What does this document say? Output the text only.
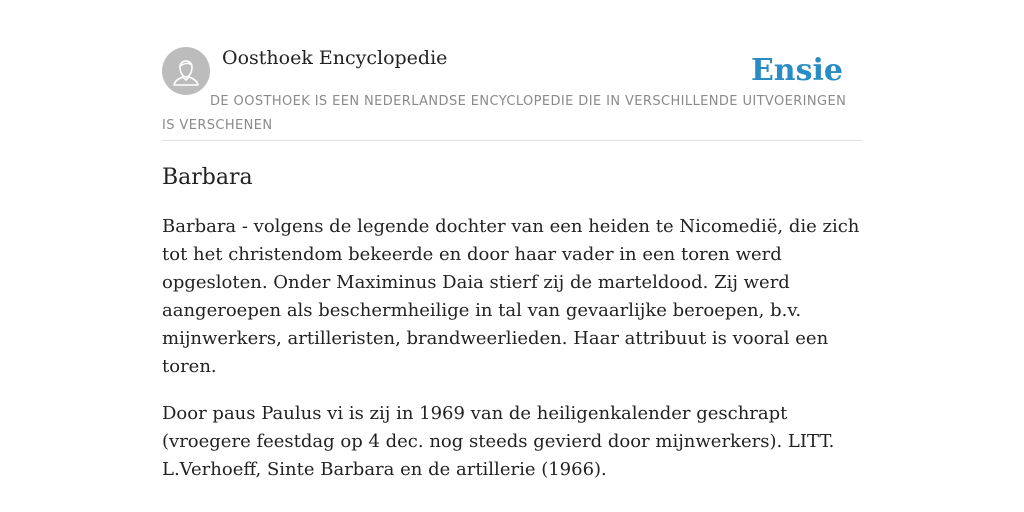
Oosthoek Encyclopedie	Ensie

DE OOSTHOEK IS EEN NEDERLANDSE ENCYCLOPEDIE DIE IN VERSCHILLENDE UITVOERINGEN IS VERSCHENEN

Barbara

Barbara - volgens de legende dochter van een heiden te Nicomedië, die zich tot het christendom bekeerde en door haar vader in een toren werd opgesloten. Onder Maximinus Daia stierf zij de marteldood. Zij werd aangeroepen als beschermheilige in tal van gevaarlijke beroepen, b.v. mijnwerkers, artilleristen, brandweerlieden. Haar attribuut is vooral een toren.

Door paus Paulus vi is zij in 1969 van de heiligenkalender geschrapt (vroegere feestdag op 4 dec. nog steeds gevierd door mijnwerkers). LITT. L.Verhoeff, Sinte Barbara en de artillerie (1966).
